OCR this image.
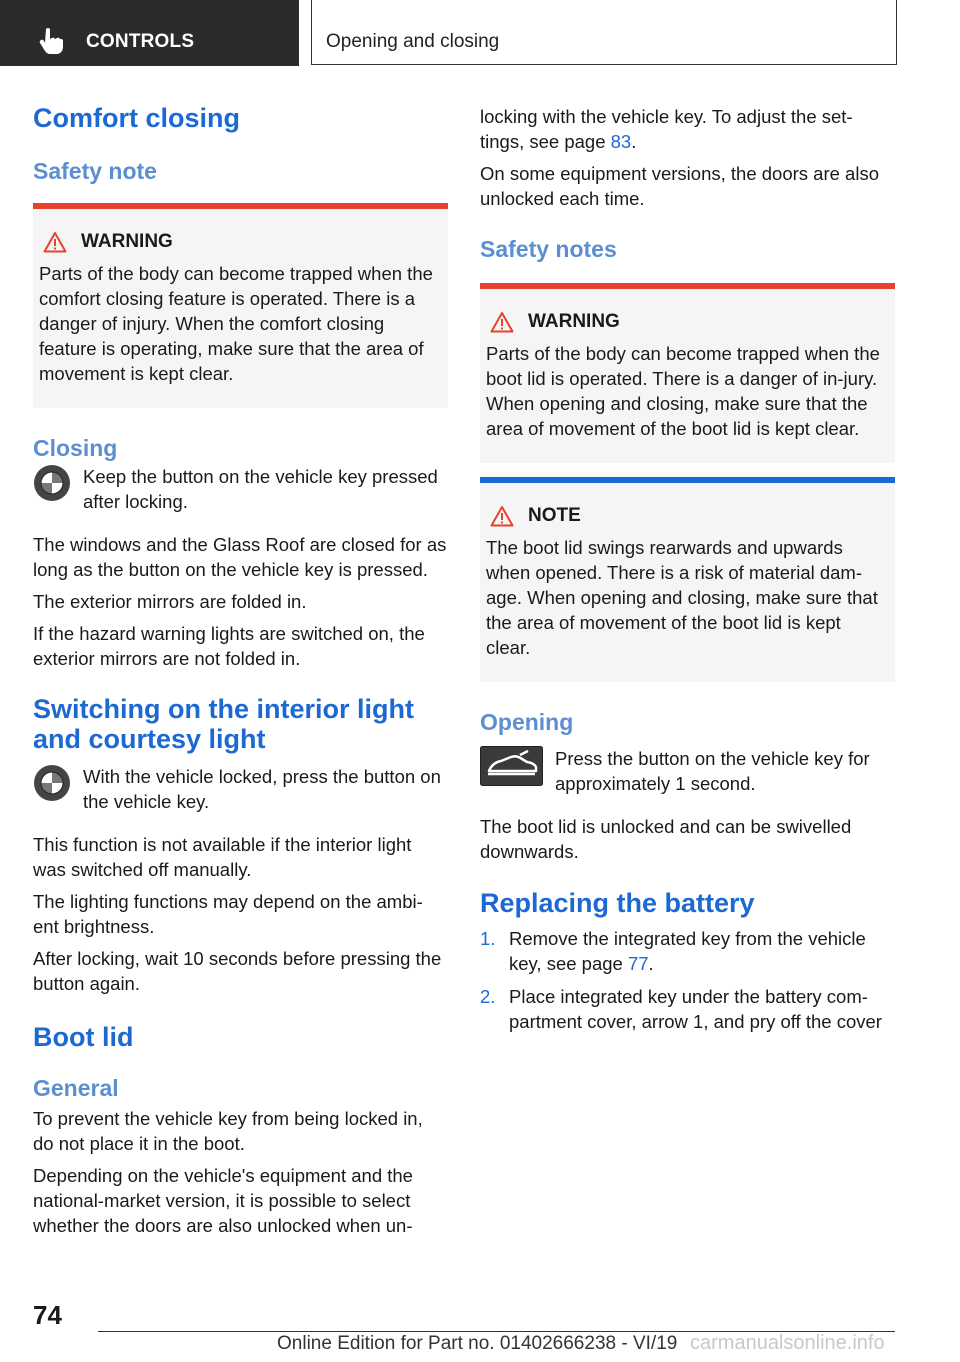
CONTROLS	Opening and closing
Comfort closing
Safety note
WARNING

Parts of the body can become trapped when the comfort closing feature is operated. There is a danger of injury. When the comfort closing feature is operating, make sure that the area of movement is kept clear.

Closing

Keep the button on the vehicle key pressed after locking.

The windows and the Glass Roof are closed for as long as the button on the vehicle key is pressed.

The exterior mirrors are folded in.

If the hazard warning lights are switched on, the exterior mirrors are not folded in.

Switching on the interior light and courtesy light

With the vehicle locked, press the button on the vehicle key.

This function is not available if the interior light was switched off manually.

The lighting functions may depend on the ambi-ent brightness.

After locking, wait 10 seconds before pressing the button again.

Boot lid
General

To prevent the vehicle key from being locked in, do not place it in the boot.

Depending on the vehicle's equipment and the national-market version, it is possible to select whether the doors are also unlocked when un-

locking with the vehicle key. To adjust the set-tings, see page 83.

On some equipment versions, the doors are also unlocked each time.

Safety notes
WARNING

Parts of the body can become trapped when the boot lid is operated. There is a danger of in-jury. When opening and closing, make sure that the area of movement of the boot lid is kept clear.

NOTE

The boot lid swings rearwards and upwards when opened. There is a risk of material dam-age. When opening and closing, make sure that the area of movement of the boot lid is kept clear.

Opening

Press the button on the vehicle key for approximately 1 second.

The boot lid is unlocked and can be swivelled downwards.

Replacing the battery
1. Remove the integrated key from the vehicle key, see page 77.

2. Place integrated key under the battery com-partment cover, arrow 1, and pry off the cover

74
Online Edition for Part no. 01402666238 - VI/19 carmanualsonline.info
